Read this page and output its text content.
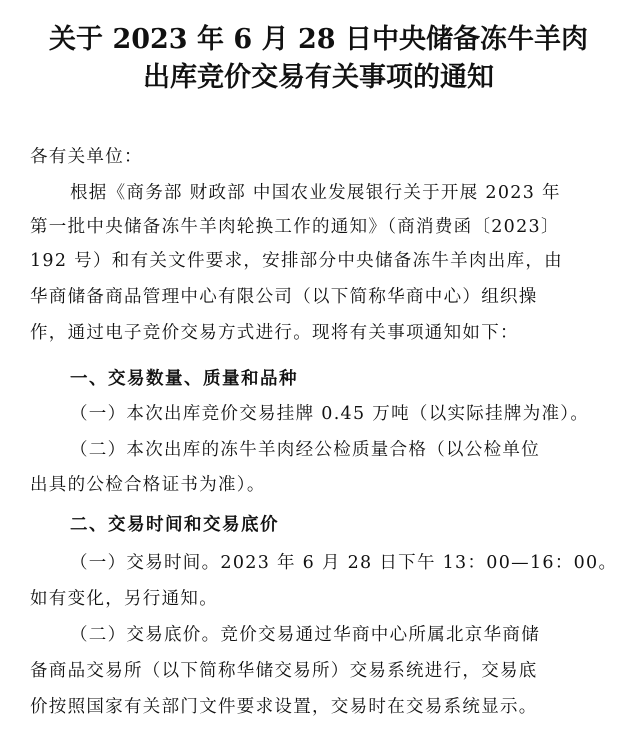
关于 2023 年 6 月 28 日中央储备冻牛羊肉
出库竞价交易有关事项的通知

各有关单位：

根据《商务部 财政部 中国农业发展银行关于开展 2023 年

第一批中央储备冻牛羊肉轮换工作的通知》（商消费函〔2023〕

192 号）和有关文件要求，安排部分中央储备冻牛羊肉出库，由

华商储备商品管理中心有限公司（以下简称华商中心）组织操

作，通过电子竞价交易方式进行。现将有关事项通知如下：

一、交易数量、质量和品种

（一）本次出库竞价交易挂牌 0.45 万吨（以实际挂牌为准）。

（二）本次出库的冻牛羊肉经公检质量合格（以公检单位

出具的公检合格证书为准）。

二、交易时间和交易底价

（一）交易时间。2023 年 6 月 28 日下午 13：00—16：00。

如有变化，另行通知。

（二）交易底价。竞价交易通过华商中心所属北京华商储

备商品交易所（以下简称华储交易所）交易系统进行，交易底

价按照国家有关部门文件要求设置，交易时在交易系统显示。
